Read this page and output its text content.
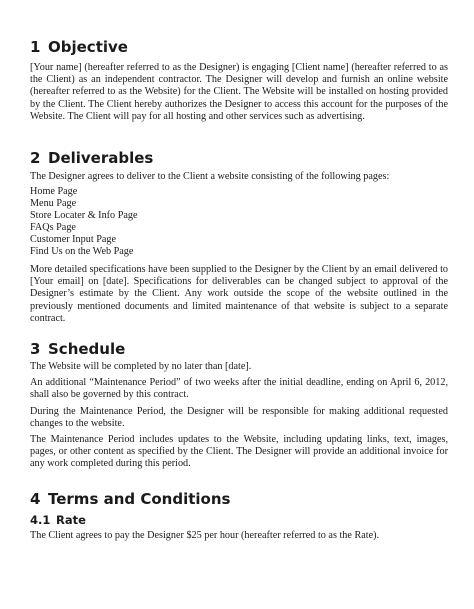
1 Objective
[Your name] (hereafter referred to as the Designer) is engaging [Client name] (hereafter referred to as the Client) as an independent contractor. The Designer will develop and furnish an online website (hereafter referred to as the Website) for the Client. The Website will be installed on hosting provided by the Client. The Client hereby authorizes the Designer to access this account for the purposes of the Website. The Client will pay for all hosting and other services such as advertising.
2 Deliverables
The Designer agrees to deliver to the Client a website consisting of the following pages:
Home Page
Menu Page
Store Locater & Info Page
FAQs Page
Customer Input Page
Find Us on the Web Page
More detailed specifications have been supplied to the Designer by the Client by an email delivered to [Your email] on [date]. Specifications for deliverables can be changed subject to approval of the Designer’s estimate by the Client. Any work outside the scope of the website outlined in the previously mentioned documents and limited maintenance of that website is subject to a separate contract.
3 Schedule
The Website will be completed by no later than [date].
An additional “Maintenance Period” of two weeks after the initial deadline, ending on April 6, 2012, shall also be governed by this contract.
During the Maintenance Period, the Designer will be responsible for making additional requested changes to the website.
The Maintenance Period includes updates to the Website, including updating links, text, images, pages, or other content as specified by the Client. The Designer will provide an additional invoice for any work completed during this period.
4 Terms and Conditions
4.1 Rate
The Client agrees to pay the Designer $25 per hour (hereafter referred to as the Rate).
